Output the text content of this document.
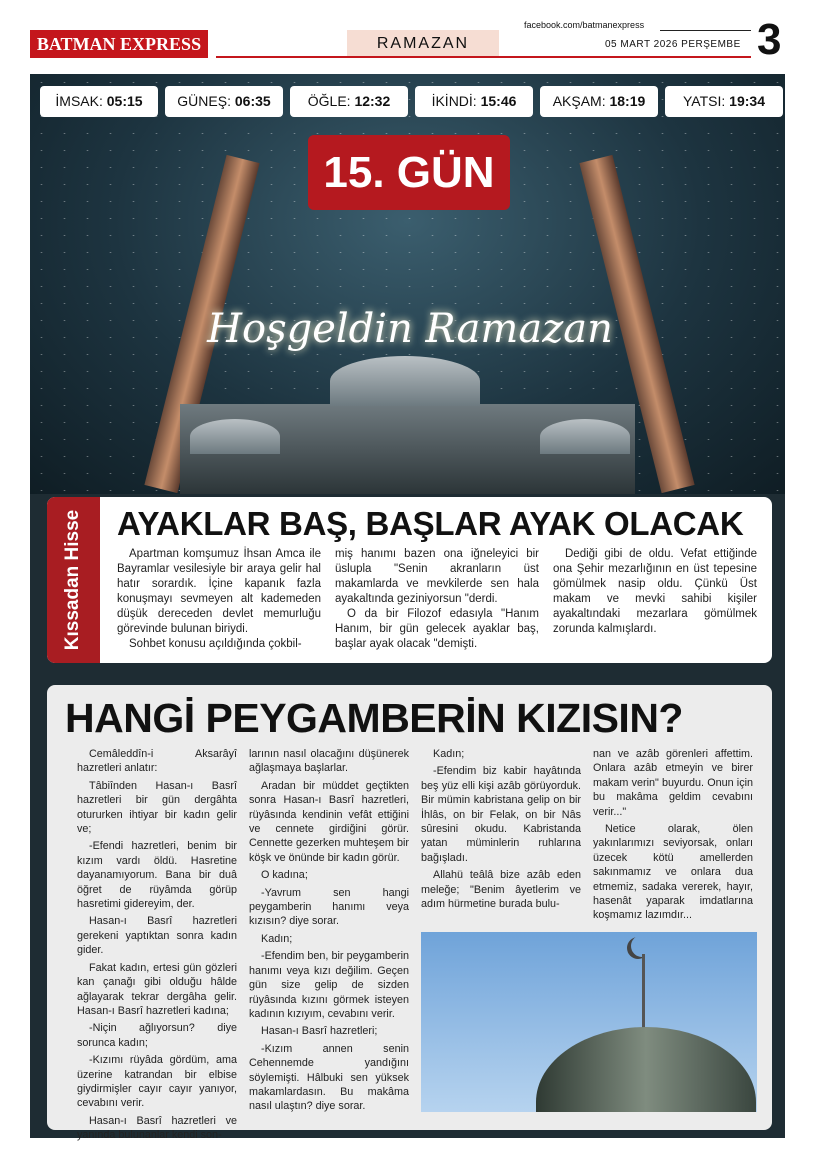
BATMAN EXPRESS	RAMAZAN
facebook.com/batmanexpress
05 MART 2026 PERŞEMBE 3
Hoşgeldin Ramazan
İMSAK: 05:15	GÜNEŞ: 06:35	ÖĞLE: 12:32	İKİNDİ: 15:46	AKŞAM: 18:19	YATSI: 19:34
15. GÜN
Kıssadan Hisse AYAKLAR BAŞ, BAŞLAR AYAK OLACAK

Apartman komşumuz İhsan Amca ile Bayramlar vesilesiyle bir araya gelir hal hatır sorardık. İçine kapanık fazla konuşmayı sevmeyen alt kademeden düşük dereceden devlet memurluğu görevinde bulunan biriydi.

Sohbet konusu açıldığında çokbil-

miş hanımı bazen ona iğneleyici bir üslupla "Senin akranların üst makamlarda ve mevkilerde sen hala ayakaltında geziniyorsun "derdi.

O da bir Filozof edasıyla "Hanım Hanım, bir gün gelecek ayaklar baş, başlar ayak olacak "demişti.

Dediği gibi de oldu. Vefat ettiğinde ona Şehir mezarlığının en üst tepesine gömülmek nasip oldu. Çünkü Üst makam ve mevki sahibi kişiler ayakaltındaki mezarlara gömülmek zorunda kalmışlardı.

HANGİ PEYGAMBERİN KIZISIN?

Cemâleddîn-i Aksarâyî hazretleri anlatır:

Tâbiînden Hasan-ı Basrî hazretleri bir gün dergâhta otururken ihtiyar bir kadın gelir ve;

-Efendi hazretleri, benim bir kızım vardı öldü. Hasretine dayanamıyorum. Bana bir duâ öğret de rüyâmda görüp hasretimi gidereyim, der.

Hasan-ı Basrî hazretleri gerekeni yaptıktan sonra kadın gider.

Fakat kadın, ertesi gün gözleri kan çanağı gibi olduğu hâlde ağlayarak tekrar dergâha gelir. Hasan-ı Basrî hazretleri kadına;

-Niçin ağlıyorsun? diye sorunca kadın;

-Kızımı rüyâda gördüm, ama üzerine katrandan bir elbise giydirmişler cayır cayır yanıyor, cevabını verir.

Hasan-ı Basrî hazretleri ve yanında bulunanlar kendi son-

larının nasıl olacağını düşünerek ağlaşmaya başlarlar.

Aradan bir müddet geçtikten sonra Hasan-ı Basrî hazretleri, rüyâsında kendinin vefât ettiğini ve cennete girdiğini görür. Cennette gezerken muhteşem bir köşk ve önünde bir kadın görür.

O kadına;

-Yavrum sen hangi peygamberin hanımı veya kızısın? diye sorar.

Kadın;

-Efendim ben, bir peygamberin hanımı veya kızı değilim. Geçen gün size gelip de sizden rüyâsında kızını görmek isteyen kadının kızıyım, cevabını verir.

Hasan-ı Basrî hazretleri;

-Kızım annen senin Cehennemde yandığını söylemişti. Hâlbuki sen yüksek makamlardasın. Bu makâma nasıl ulaştın? diye sorar.

Kadın;

-Efendim biz kabir hayâtında beş yüz elli kişi azâb görüyorduk. Bir mümin kabristana gelip on bir İhlâs, on bir Felak, on bir Nâs sûresini okudu. Kabristanda yatan müminlerin ruhlarına bağışladı.

Allahü teâlâ bize azâb eden meleğe; "Benim âyetlerim ve adım hürmetine burada bulu-

nan ve azâb görenleri affettim. Onlara azâb etmeyin ve birer makam verin" buyurdu. Onun için bu makâma geldim cevabını verir..."

Netice olarak, ölen yakınlarımızı seviyorsak, onları üzecek kötü amellerden sakınmamız ve onlara dua etmemiz, sadaka vererek, hayır, hasenât yaparak imdatlarına koşmamız lazımdır...
